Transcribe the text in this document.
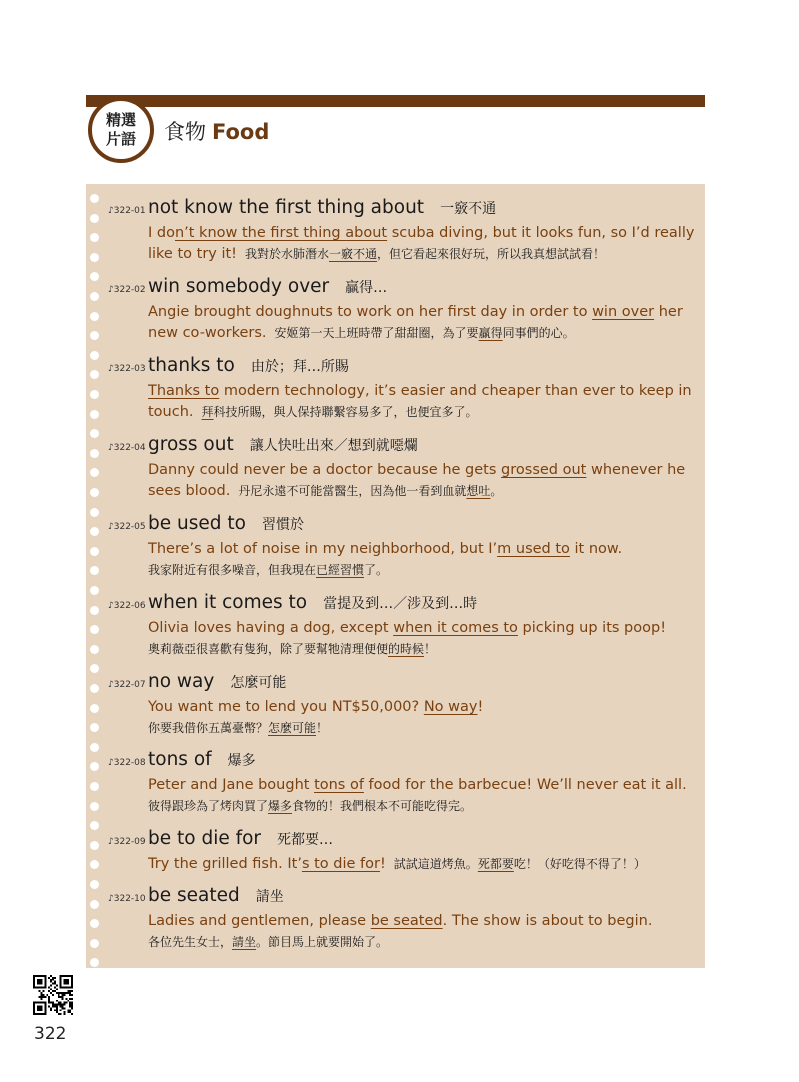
精選
片語 食物 Food
♪322-01 not know the first thing about 一竅不通
I don’t know the first thing about scuba diving, but it looks fun, so I’d really like to try it! 我對於水肺潛水一竅不通，但它看起來很好玩，所以我真想試試看！
♪322-02 win somebody over 贏得…
Angie brought doughnuts to work on her first day in order to win over her new co-workers. 安姬第一天上班時帶了甜甜圈，為了要贏得同事們的心。
♪322-03 thanks to 由於；拜…所賜
Thanks to modern technology, it’s easier and cheaper than ever to keep in touch. 拜科技所賜，與人保持聯繫容易多了，也便宜多了。
♪322-04 gross out 讓人快吐出來／想到就噁爛
Danny could never be a doctor because he gets grossed out whenever he sees blood. 丹尼永遠不可能當醫生，因為他一看到血就想吐。
♪322-05 be used to 習慣於
There’s a lot of noise in my neighborhood, but I’m used to it now.
我家附近有很多噪音，但我現在已經習慣了。
♪322-06 when it comes to 當提及到…／涉及到…時
Olivia loves having a dog, except when it comes to picking up its poop!
奧莉薇亞很喜歡有隻狗，除了要幫牠清理便便的時候！
♪322-07 no way 怎麼可能
You want me to lend you NT$50,000? No way!
你要我借你五萬臺幣？怎麼可能！
♪322-08 tons of 爆多
Peter and Jane bought tons of food for the barbecue! We’ll never eat it all.
彼得跟珍為了烤肉買了爆多食物的！我們根本不可能吃得完。
♪322-09 be to die for 死都要…
Try the grilled fish. It’s to die for! 試試這道烤魚。死都要吃！（好吃得不得了！）
♪322-10 be seated 請坐
Ladies and gentlemen, please be seated. The show is about to begin.
各位先生女士，請坐。節目馬上就要開始了。
322
